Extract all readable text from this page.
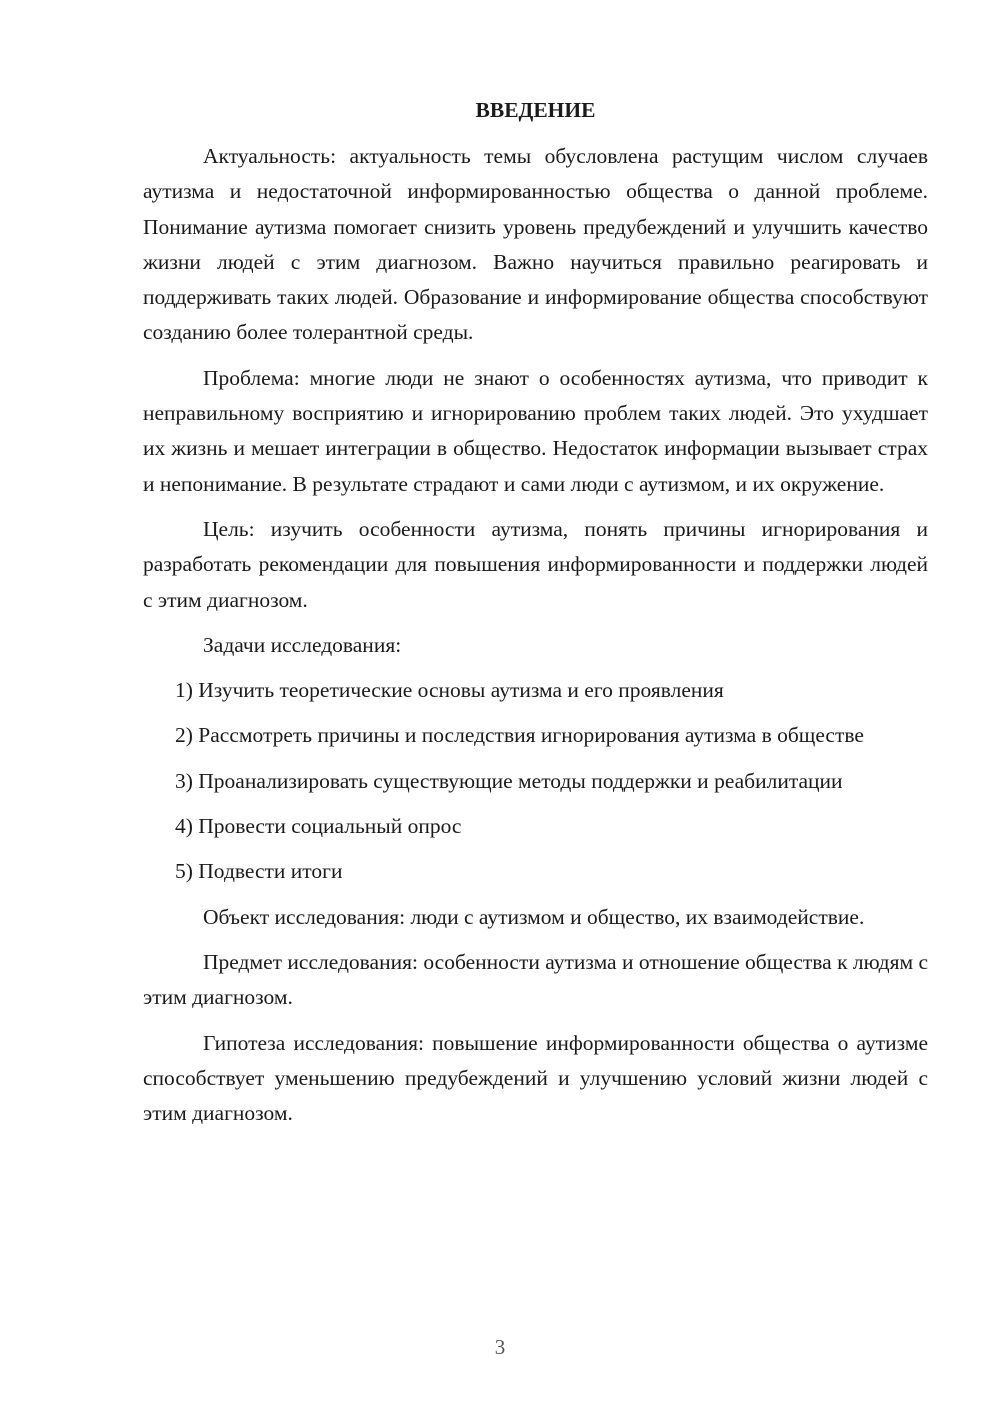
ВВЕДЕНИЕ

Актуальность: актуальность темы обусловлена растущим числом случаев аутизма и недостаточной информированностью общества о данной проблеме. Понимание аутизма помогает снизить уровень предубеждений и улучшить качество жизни людей с этим диагнозом. Важно научиться правильно реагировать и поддерживать таких людей. Образование и информирование общества способствуют созданию более толерантной среды.

Проблема: многие люди не знают о особенностях аутизма, что приводит к неправильному восприятию и игнорированию проблем таких людей. Это ухудшает их жизнь и мешает интеграции в общество. Недостаток информации вызывает страх и непонимание. В результате страдают и сами люди с аутизмом, и их окружение.

Цель: изучить особенности аутизма, понять причины игнорирования и разработать рекомендации для повышения информированности и поддержки людей с этим диагнозом.

Задачи исследования:

1) Изучить теоретические основы аутизма и его проявления

2) Рассмотреть причины и последствия игнорирования аутизма в обществе

3) Проанализировать существующие методы поддержки и реабилитации

4) Провести социальный опрос

5) Подвести итоги

Объект исследования: люди с аутизмом и общество, их взаимодействие.

Предмет исследования: особенности аутизма и отношение общества к людям с этим диагнозом.

Гипотеза исследования: повышение информированности общества о аутизме способствует уменьшению предубеждений и улучшению условий жизни людей с этим диагнозом.

3
